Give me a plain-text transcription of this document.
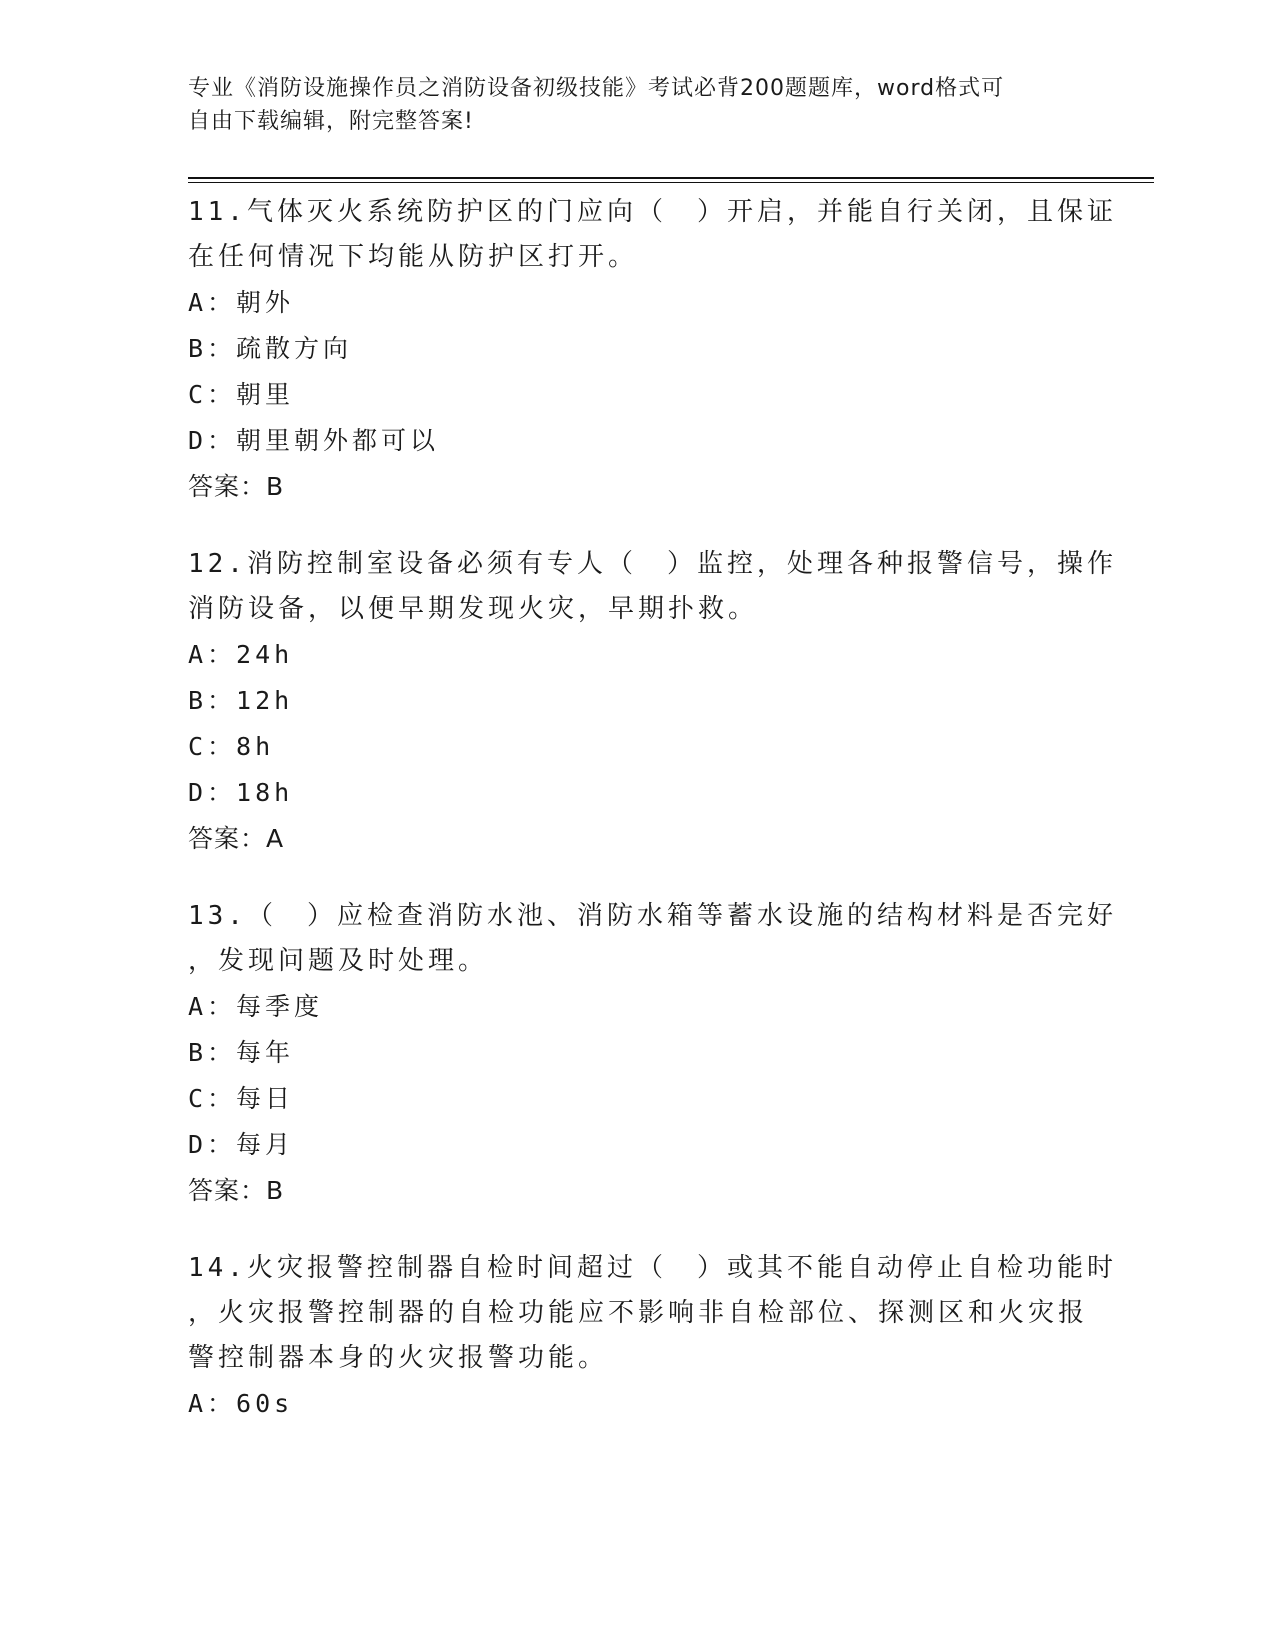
专业《消防设施操作员之消防设备初级技能》考试必背200题题库，word格式可

自由下载编辑，附完整答案!

11.气体灭火系统防护区的门应向（　）开启，并能自行关闭，且保证
在任何情况下均能从防护区打开。

A：朝外

B：疏散方向

C：朝里

D：朝里朝外都可以

答案：B

12.消防控制室设备必须有专人（　）监控，处理各种报警信号，操作
消防设备，以便早期发现火灾，早期扑救。

A：24h

B：12h

C：8h

D：18h

答案：A

13.（　）应检查消防水池、消防水箱等蓄水设施的结构材料是否完好
，发现问题及时处理。

A：每季度

B：每年

C：每日

D：每月

答案：B

14.火灾报警控制器自检时间超过（　）或其不能自动停止自检功能时
，火灾报警控制器的自检功能应不影响非自检部位、探测区和火灾报
警控制器本身的火灾报警功能。

A：60s
